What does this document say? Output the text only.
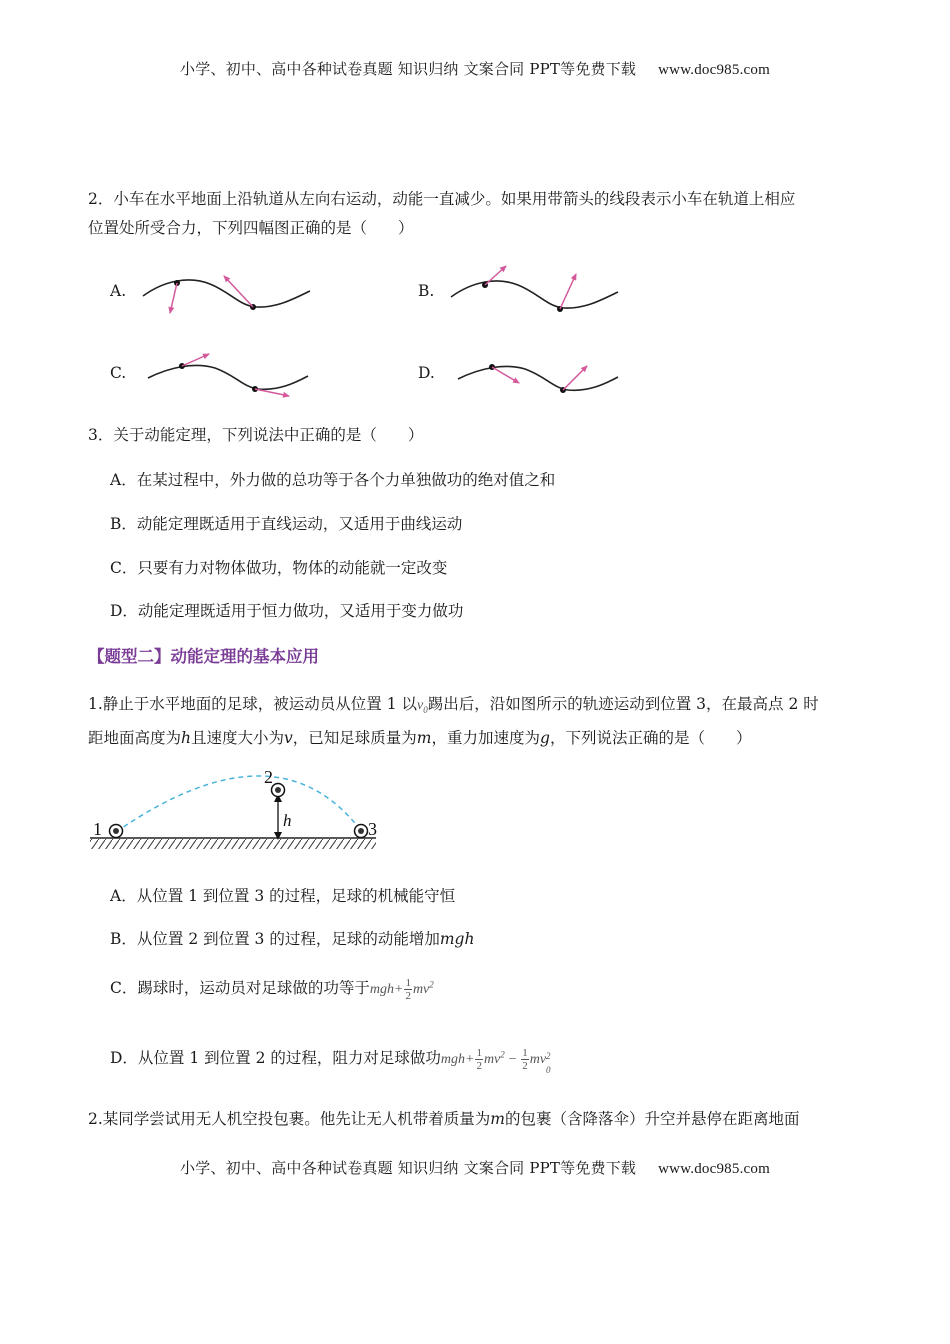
小学、初中、高中各种试卷真题 知识归纳 文案合同 PPT等免费下载 www.doc985.com
2．小车在水平地面上沿轨道从左向右运动，动能一直减少。如果用带箭头的线段表示小车在轨道上相应
位置处所受合力，下列四幅图正确的是（　　）
A.	B.
C.	D.
3．关于动能定理，下列说法中正确的是（　　）
A．在某过程中，外力做的总功等于各个力单独做功的绝对值之和
B．动能定理既适用于直线运动，又适用于曲线运动
C．只要有力对物体做功，物体的动能就一定改变
D．动能定理既适用于恒力做功，又适用于变力做功
【题型二】动能定理的基本应用
1.静止于水平地面的足球，被运动员从位置 1 以$v_0$踢出后，沿如图所示的轨迹运动到位置 3，在最高点 2 时
距地面高度为h且速度大小为v，已知足球质量为m，重力加速度为g，下列说法正确的是（　　）
1
2
3
h
A．从位置 1 到位置 3 的过程，足球的机械能守恒
B．从位置 2 到位置 3 的过程，足球的动能增加mgh
C．踢球时，运动员对足球做的功等于$mgh+ \frac{1}{2} mv^2$
D．从位置 1 到位置 2 的过程，阻力对足球做功$mgh+ \frac{1}{2} mv^2 - \frac{1}{2}$ mv 2
0
2.某同学尝试用无人机空投包裹。他先让无人机带着质量为m的包裹（含降落伞）升空并悬停在距离地面
小学、初中、高中各种试卷真题 知识归纳 文案合同 PPT等免费下载 www.doc985.com
